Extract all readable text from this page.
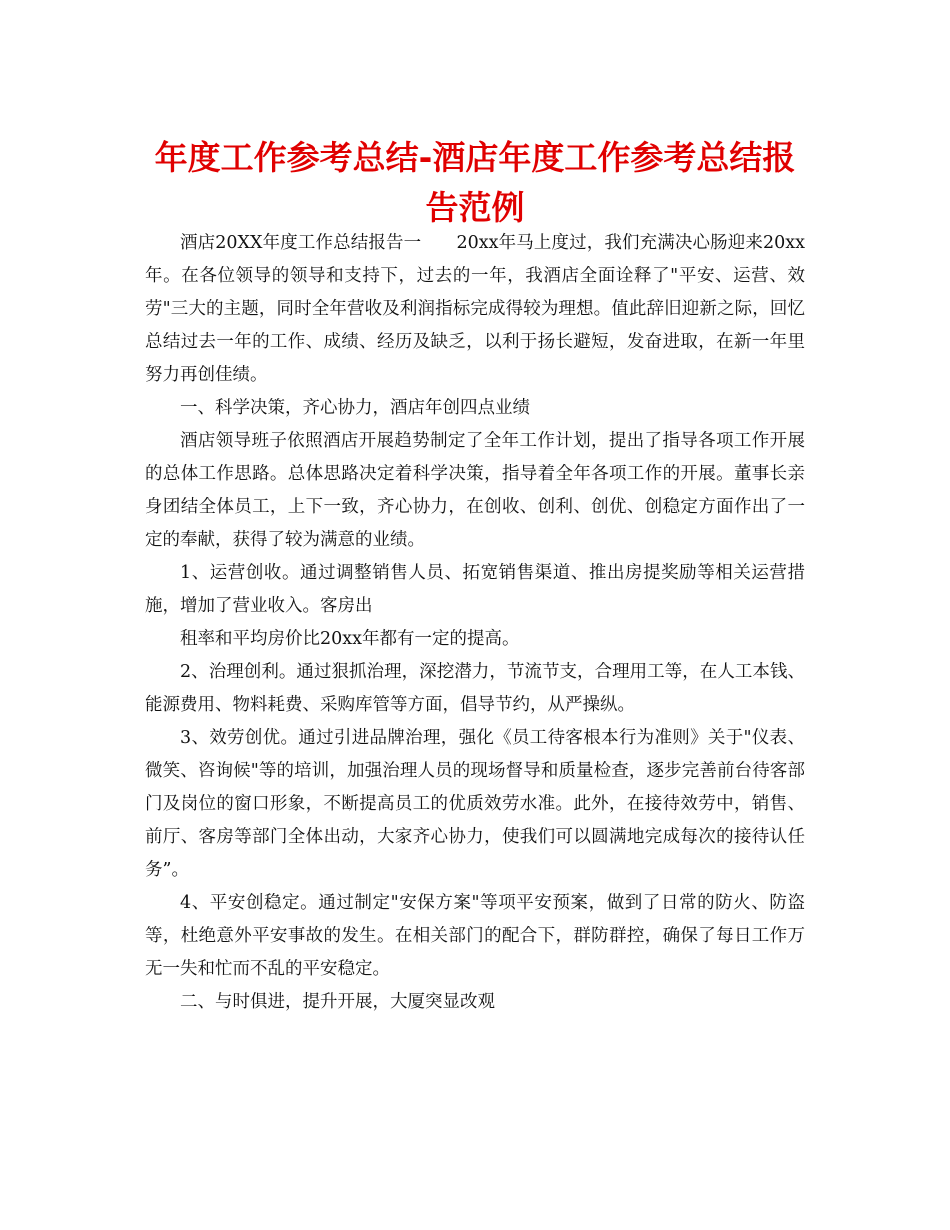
年度工作参考总结-酒店年度工作参考总结报告范例

酒店20XX年度工作总结报告一　　20xx年马上度过，我们充满决心肠迎来20xx年。在各位领导的领导和支持下，过去的一年，我酒店全面诠释了"平安、运营、效劳"三大的主题，同时全年营收及利润指标完成得较为理想。值此辞旧迎新之际，回忆总结过去一年的工作、成绩、经历及缺乏，以利于扬长避短，发奋进取，在新一年里努力再创佳绩。

一、科学决策，齐心协力，酒店年创四点业绩

酒店领导班子依照酒店开展趋势制定了全年工作计划，提出了指导各项工作开展的总体工作思路。总体思路决定着科学决策，指导着全年各项工作的开展。董事长亲身团结全体员工，上下一致，齐心协力，在创收、创利、创优、创稳定方面作出了一定的奉献，获得了较为满意的业绩。

1、运营创收。通过调整销售人员、拓宽销售渠道、推出房提奖励等相关运营措施，增加了营业收入。客房出

租率和平均房价比20xx年都有一定的提高。

2、治理创利。通过狠抓治理，深挖潜力，节流节支，合理用工等，在人工本钱、能源费用、物料耗费、采购库管等方面，倡导节约，从严操纵。

3、效劳创优。通过引进品牌治理，强化《员工待客根本行为准则》关于"仪表、微笑、咨询候"等的培训，加强治理人员的现场督导和质量检查，逐步完善前台待客部门及岗位的窗口形象，不断提高员工的优质效劳水准。此外，在接待效劳中，销售、前厅、客房等部门全体出动，大家齐心协力，使我们可以圆满地完成每次的接待认任务”。

4、平安创稳定。通过制定"安保方案"等项平安预案，做到了日常的防火、防盗等，杜绝意外平安事故的发生。在相关部门的配合下，群防群控，确保了每日工作万无一失和忙而不乱的平安稳定。

二、与时俱进，提升开展，大厦突显改观
